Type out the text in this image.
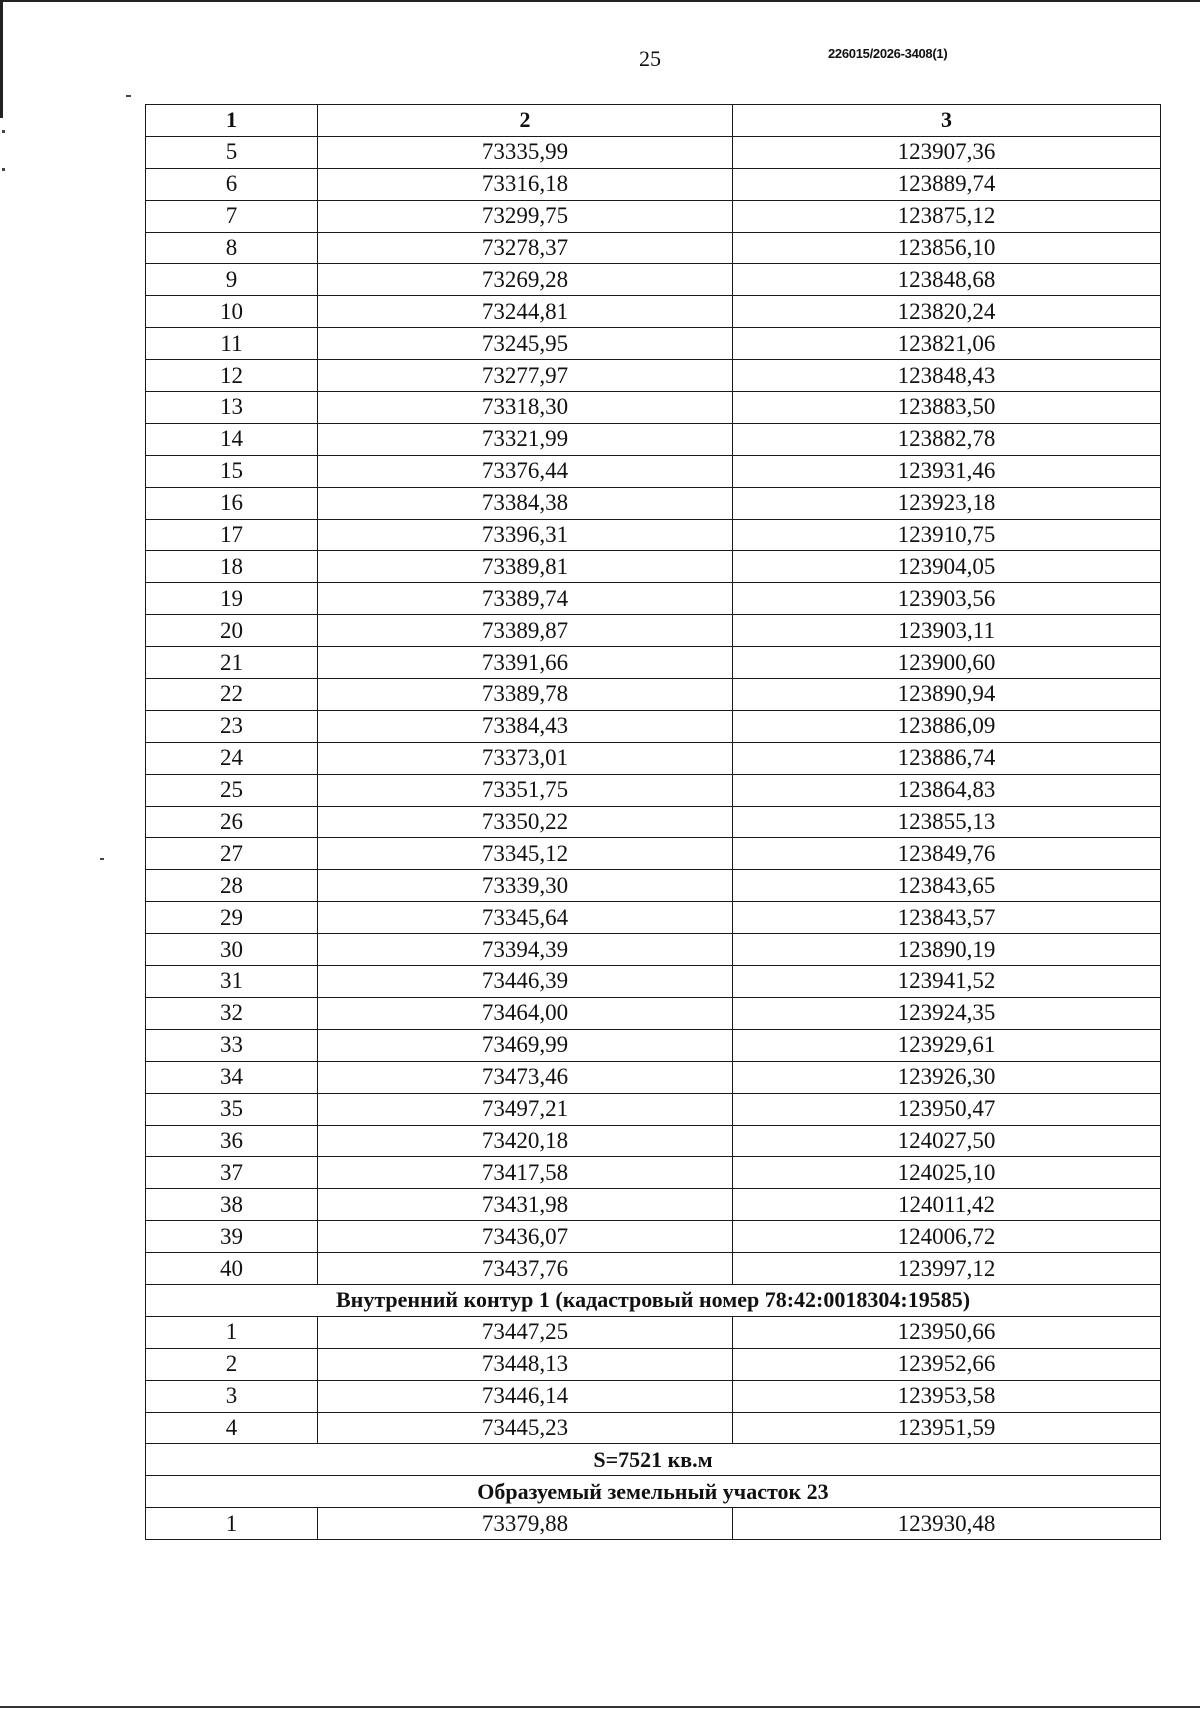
25	226015/2026-3408(1)
1	2	3
5	73335,99	123907,36
6	73316,18	123889,74
7	73299,75	123875,12
8	73278,37	123856,10
9	73269,28	123848,68
10	73244,81	123820,24
11	73245,95	123821,06
12	73277,97	123848,43
13	73318,30	123883,50
14	73321,99	123882,78
15	73376,44	123931,46
16	73384,38	123923,18
17	73396,31	123910,75
18	73389,81	123904,05
19	73389,74	123903,56
20	73389,87	123903,11
21	73391,66	123900,60
22	73389,78	123890,94
23	73384,43	123886,09
24	73373,01	123886,74
25	73351,75	123864,83
26	73350,22	123855,13
27	73345,12	123849,76
28	73339,30	123843,65
29	73345,64	123843,57
30	73394,39	123890,19
31	73446,39	123941,52
32	73464,00	123924,35
33	73469,99	123929,61
34	73473,46	123926,30
35	73497,21	123950,47
36	73420,18	124027,50
37	73417,58	124025,10
38	73431,98	124011,42
39	73436,07	124006,72
40	73437,76	123997,12
Внутренний контур 1 (кадастровый номер 78:42:0018304:19585)		
1	73447,25	123950,66
2	73448,13	123952,66
3	73446,14	123953,58
4	73445,23	123951,59
S=7521 кв.м		
Образуемый земельный участок 23		
1	73379,88	123930,48
